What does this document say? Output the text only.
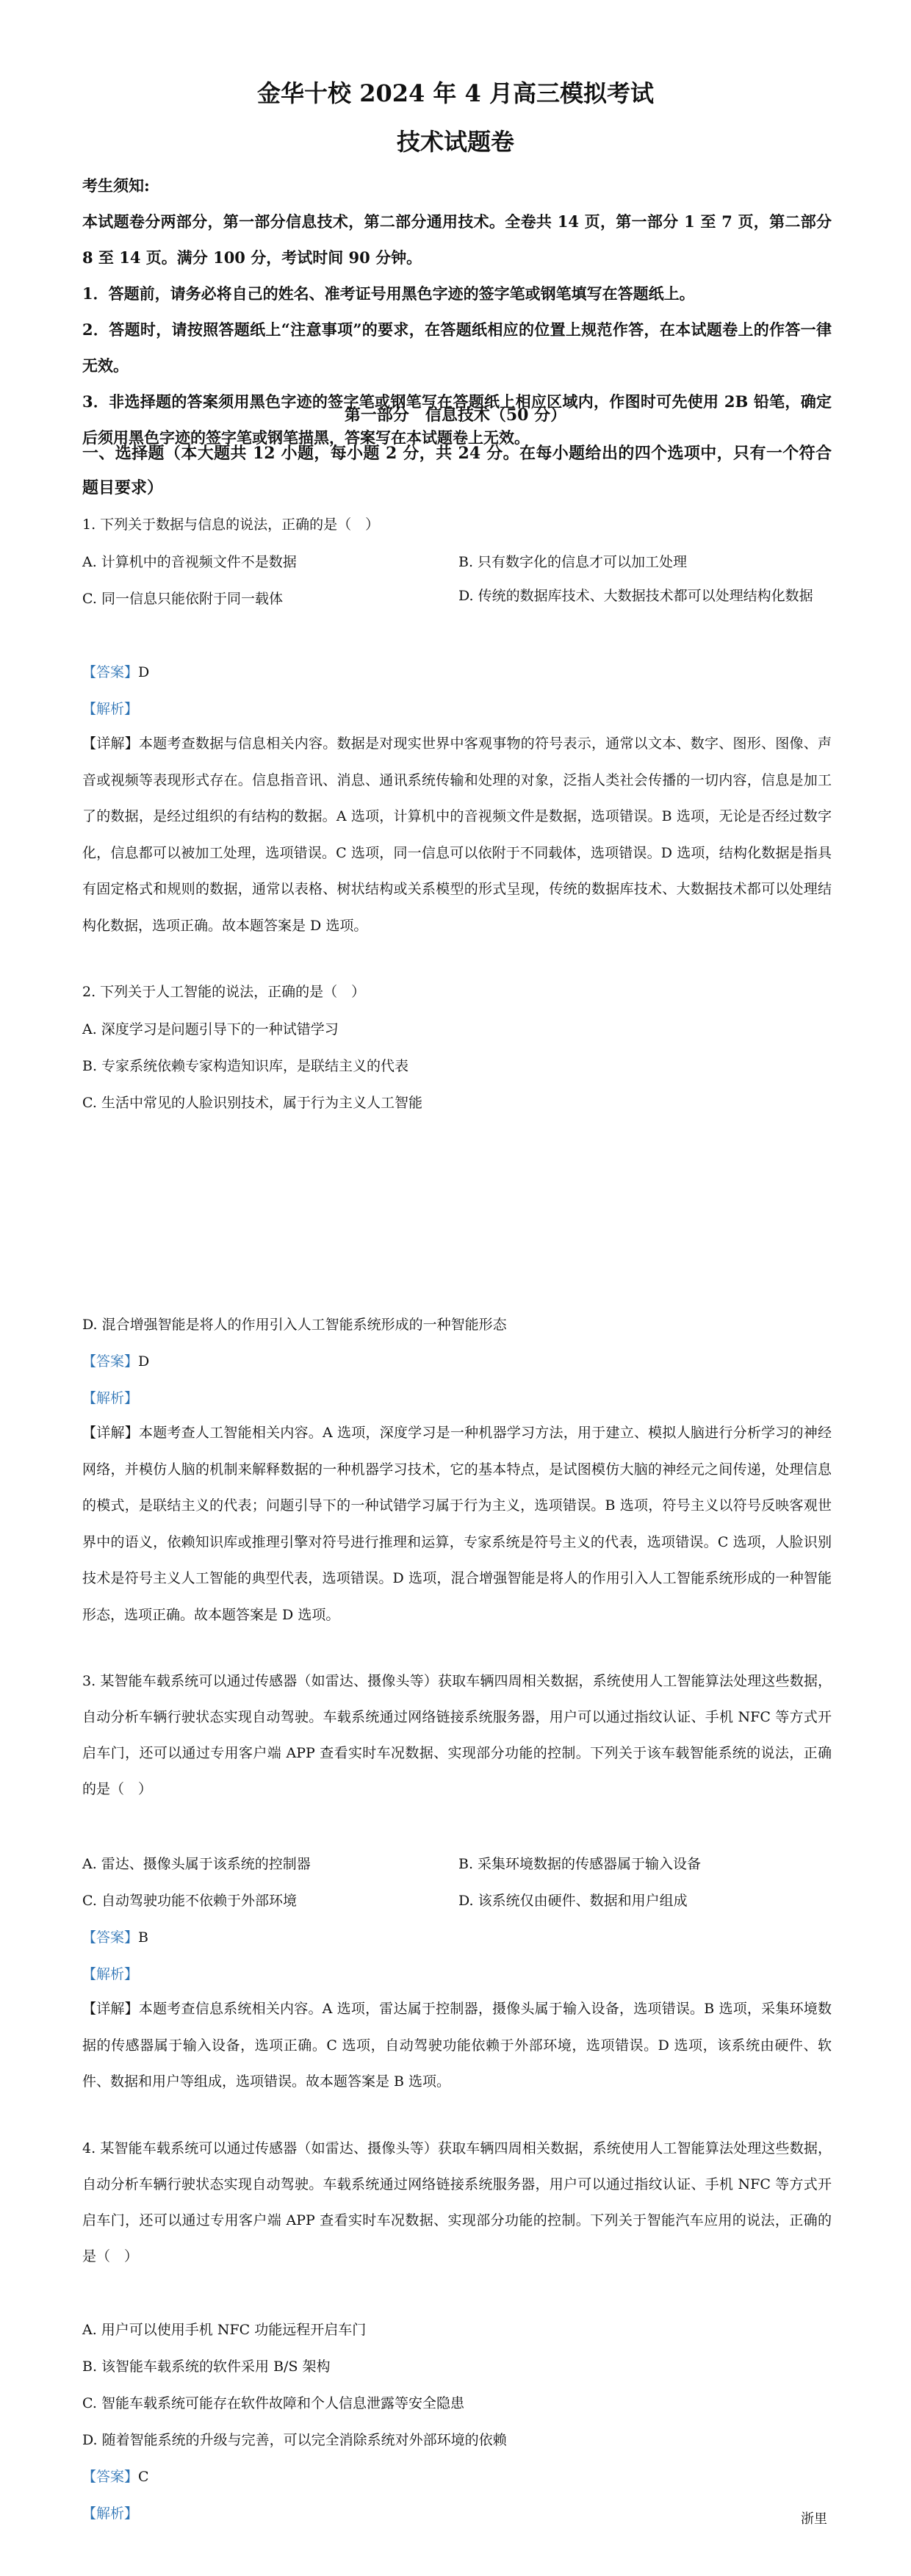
金华十校 2024 年 4 月高三模拟考试
技术试题卷

考生须知:

本试题卷分两部分，第一部分信息技术，第二部分通用技术。全卷共 14 页，第一部分 1 至 7 页，第二部分 8 至 14 页。满分 100 分，考试时间 90 分钟。

1．答题前，请务必将自己的姓名、准考证号用黑色字迹的签字笔或钢笔填写在答题纸上。

2．答题时，请按照答题纸上“注意事项”的要求，在答题纸相应的位置上规范作答，在本试题卷上的作答一律无效。

3．非选择题的答案须用黑色字迹的签字笔或钢笔写在答题纸上相应区域内，作图时可先使用 2B 铅笔，确定后须用黑色字迹的签字笔或钢笔描黑，答案写在本试题卷上无效。

第一部分　信息技术（50 分）
一、选择题（本大题共 12 小题，每小题 2 分，共 24 分。在每小题给出的四个选项中，只有一个符合题目要求）
1. 下列关于数据与信息的说法，正确的是（　）
A. 计算机中的音视频文件不是数据	B. 只有数字化的信息才可以加工处理
C. 同一信息只能依附于同一载体	D. 传统的数据库技术、大数据技术都可以处理结构化数据
【答案】D
【解析】
【详解】本题考查数据与信息相关内容。数据是对现实世界中客观事物的符号表示，通常以文本、数字、图形、图像、声音或视频等表现形式存在。信息指音讯、消息、通讯系统传输和处理的对象，泛指人类社会传播的一切内容，信息是加工了的数据，是经过组织的有结构的数据。A 选项，计算机中的音视频文件是数据，选项错误。B 选项，无论是否经过数字化，信息都可以被加工处理，选项错误。C 选项，同一信息可以依附于不同载体，选项错误。D 选项，结构化数据是指具有固定格式和规则的数据，通常以表格、树状结构或关系模型的形式呈现，传统的数据库技术、大数据技术都可以处理结构化数据，选项正确。故本题答案是 D 选项。
2. 下列关于人工智能的说法，正确的是（　）
A. 深度学习是问题引导下的一种试错学习
B. 专家系统依赖专家构造知识库，是联结主义的代表
C. 生活中常见的人脸识别技术，属于行为主义人工智能
D. 混合增强智能是将人的作用引入人工智能系统形成的一种智能形态
【答案】D
【解析】
【详解】本题考查人工智能相关内容。A 选项，深度学习是一种机器学习方法，用于建立、模拟人脑进行分析学习的神经网络，并模仿人脑的机制来解释数据的一种机器学习技术，它的基本特点，是试图模仿大脑的神经元之间传递，处理信息的模式，是联结主义的代表；问题引导下的一种试错学习属于行为主义，选项错误。B 选项，符号主义以符号反映客观世界中的语义，依赖知识库或推理引擎对符号进行推理和运算，专家系统是符号主义的代表，选项错误。C 选项，人脸识别技术是符号主义人工智能的典型代表，选项错误。D 选项，混合增强智能是将人的作用引入人工智能系统形成的一种智能形态，选项正确。故本题答案是 D 选项。
3. 某智能车载系统可以通过传感器（如雷达、摄像头等）获取车辆四周相关数据，系统使用人工智能算法处理这些数据，自动分析车辆行驶状态实现自动驾驶。车载系统通过网络链接系统服务器，用户可以通过指纹认证、手机 NFC 等方式开启车门，还可以通过专用客户端 APP 查看实时车况数据、实现部分功能的控制。下列关于该车载智能系统的说法，正确的是（　）
A. 雷达、摄像头属于该系统的控制器	B. 采集环境数据的传感器属于输入设备
C. 自动驾驶功能不依赖于外部环境	D. 该系统仅由硬件、数据和用户组成
【答案】B
【解析】
【详解】本题考查信息系统相关内容。A 选项，雷达属于控制器，摄像头属于输入设备，选项错误。B 选项，采集环境数据的传感器属于输入设备，选项正确。C 选项，自动驾驶功能依赖于外部环境，选项错误。D 选项，该系统由硬件、软件、数据和用户等组成，选项错误。故本题答案是 B 选项。
4. 某智能车载系统可以通过传感器（如雷达、摄像头等）获取车辆四周相关数据，系统使用人工智能算法处理这些数据，自动分析车辆行驶状态实现自动驾驶。车载系统通过网络链接系统服务器，用户可以通过指纹认证、手机 NFC 等方式开启车门，还可以通过专用客户端 APP 查看实时车况数据、实现部分功能的控制。下列关于智能汽车应用的说法，正确的是（　）
A. 用户可以使用手机 NFC 功能远程开启车门
B. 该智能车载系统的软件采用 B/S 架构
C. 智能车载系统可能存在软件故障和个人信息泄露等安全隐患
D. 随着智能系统的升级与完善，可以完全消除系统对外部环境的依赖
【答案】C
【解析】	浙里
